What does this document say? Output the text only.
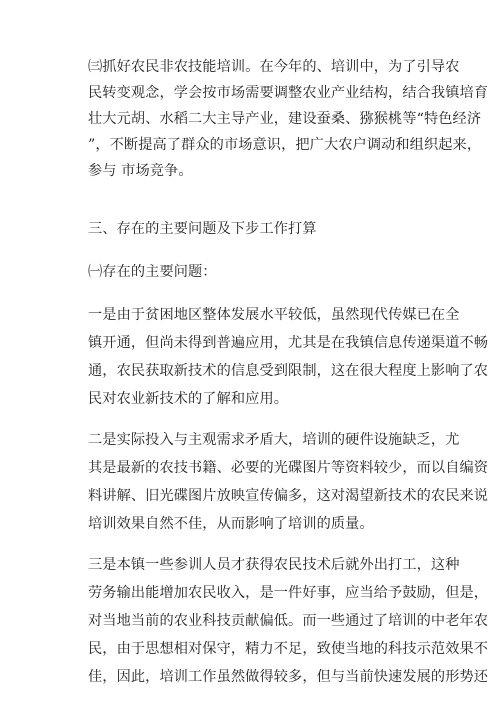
㈢抓好农民非农技能培训。在今年的、培训中，为了引导农
民转变观念，学会按市场需要调整农业产业结构，结合我镇培育
壮大元胡、水稻二大主导产业，建设蚕桑、猕猴桃等“特色经济
”，不断提高了群众的市场意识，把广大农户调动和组织起来，
参与 市场竞争。
三、存在的主要问题及下步工作打算
㈠存在的主要问题：
一是由于贫困地区整体发展水平较低，虽然现代传媒已在全
镇开通，但尚未得到普遍应用，尤其是在我镇信息传递渠道不畅
通，农民获取新技术的信息受到限制，这在很大程度上影响了农
民对农业新技术的了解和应用。
二是实际投入与主观需求矛盾大，培训的硬件设施缺乏，尤
其是最新的农技书籍、必要的光碟图片等资料较少，而以自编资
料讲解、旧光碟图片放映宣传偏多，这对渴望新技术的农民来说
培训效果自然不佳，从而影响了培训的质量。
三是本镇一些参训人员才获得农民技术后就外出打工，这种
劳务输出能增加农民收入，是一件好事，应当给予鼓励，但是，
对当地当前的农业科技贡献偏低。而一些通过了培训的中老年农
民，由于思想相对保守，精力不足，致使当地的科技示范效果不
佳，因此，培训工作虽然做得较多，但与当前快速发展的形势还
